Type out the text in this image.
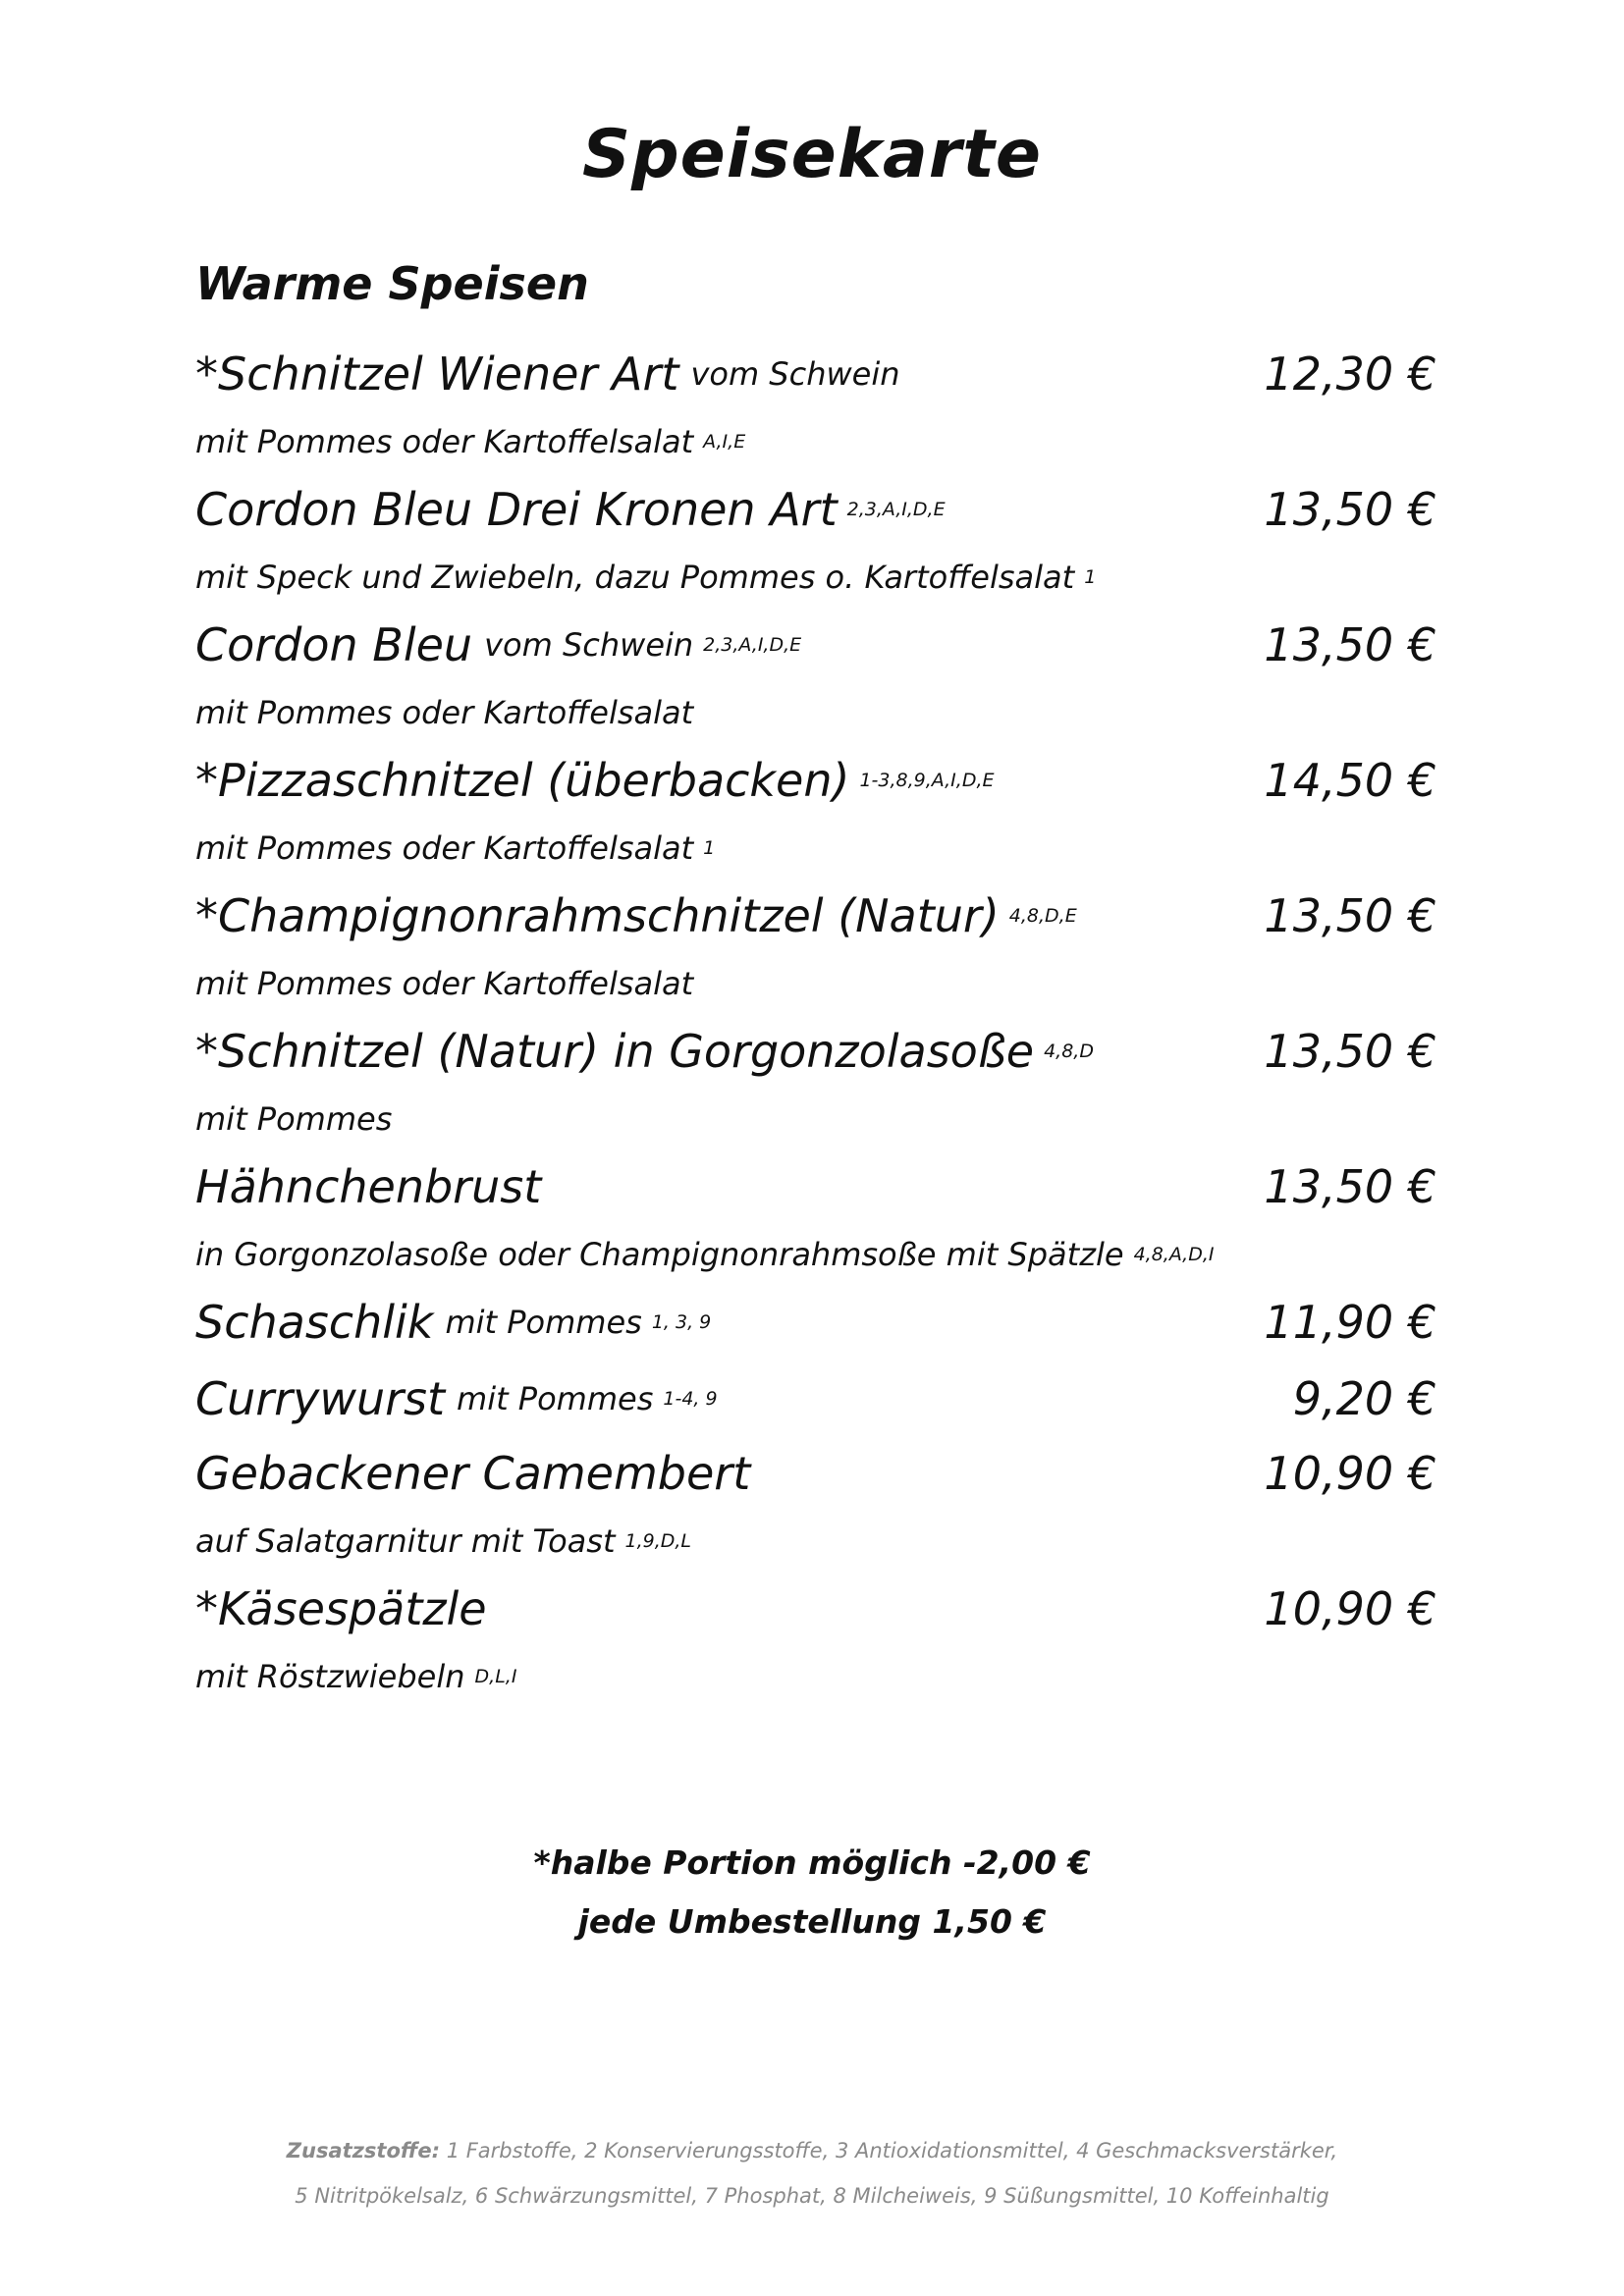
Speisekarte
Warme Speisen
*Schnitzel Wiener Art vom Schwein	12,30 €
mit Pommes oder Kartoffelsalat A,I,E
Cordon Bleu Drei Kronen Art 2,3,A,I,D,E	13,50 €
mit Speck und Zwiebeln, dazu Pommes o. Kartoffelsalat 1
Cordon Bleu vom Schwein 2,3,A,I,D,E	13,50 €
mit Pommes oder Kartoffelsalat
*Pizzaschnitzel (überbacken) 1-3,8,9,A,I,D,E	14,50 €
mit Pommes oder Kartoffelsalat 1
*Champignonrahmschnitzel (Natur) 4,8,D,E	13,50 €
mit Pommes oder Kartoffelsalat
*Schnitzel (Natur) in Gorgonzolasoße 4,8,D	13,50 €
mit Pommes
Hähnchenbrust	13,50 €
in Gorgonzolasoße oder Champignonrahmsoße mit Spätzle 4,8,A,D,I
Schaschlik mit Pommes 1, 3, 9	11,90 €
Currywurst mit Pommes 1-4, 9	9,20 €
Gebackener Camembert	10,90 €
auf Salatgarnitur mit Toast 1,9,D,L
*Käsespätzle	10,90 €
mit Röstzwiebeln D,L,I
*halbe Portion möglich -2,00 €
jede Umbestellung 1,50 €
Zusatzstoffe: 1 Farbstoffe, 2 Konservierungsstoffe, 3 Antioxidationsmittel, 4 Geschmacksverstärker,
5 Nitritpökelsalz, 6 Schwärzungsmittel, 7 Phosphat, 8 Milcheiweis, 9 Süßungsmittel, 10 Koffeinhaltig
